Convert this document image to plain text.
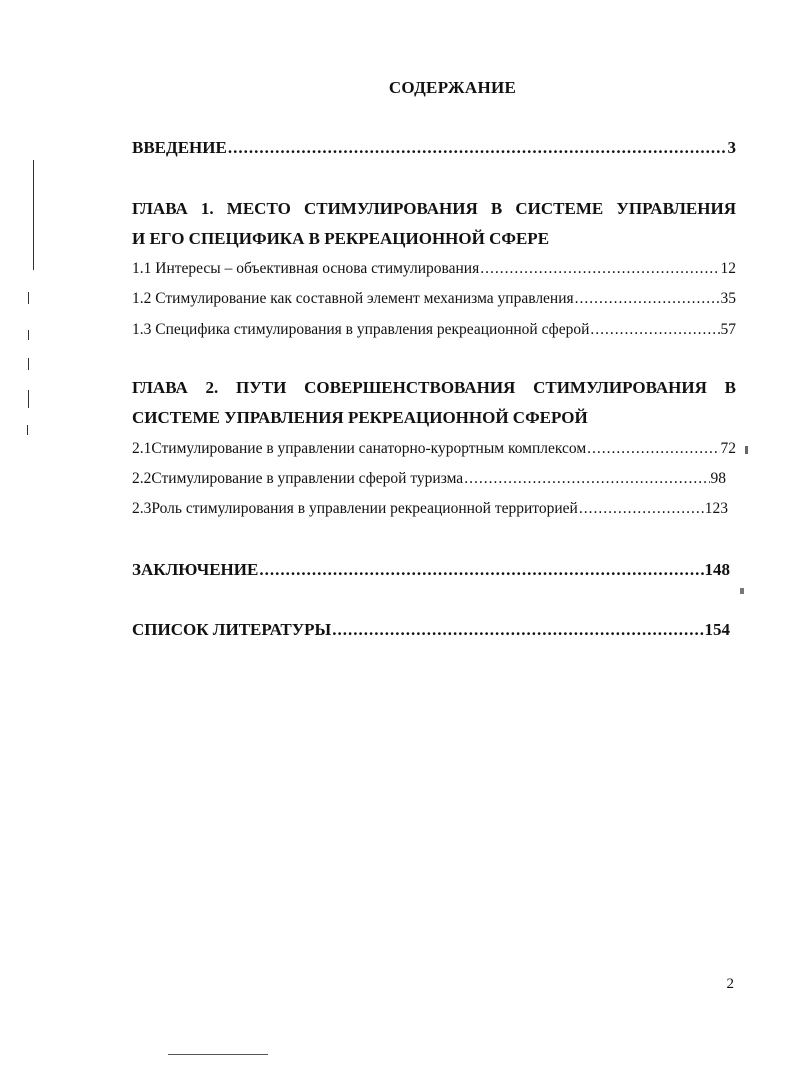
СОДЕРЖАНИЕ
ВВЕДЕНИЕ .....	3
ГЛАВА 1. МЕСТО СТИМУЛИРОВАНИЯ В СИСТЕМЕ УПРАВЛЕНИЯ
И ЕГО СПЕЦИФИКА В РЕКРЕАЦИОННОЙ СФЕРЕ
1.1 Интересы – объективная основа стимулирования .....	12
1.2 Стимулирование как составной элемент механизма управления .....	35
1.3 Специфика стимулирования в управления рекреационной сферой .....	57
ГЛАВА 2. ПУТИ СОВЕРШЕНСТВОВАНИЯ СТИМУЛИРОВАНИЯ В
СИСТЕМЕ УПРАВЛЕНИЯ РЕКРЕАЦИОННОЙ СФЕРОЙ
2.1Стимулирование в управлении санаторно-курортным комплексом .....	72
2.2Стимулирование в управлении сферой туризма .....	98
2.3Роль стимулирования в управлении рекреационной территорией .....	123
ЗАКЛЮЧЕНИЕ .....	148
СПИСОК ЛИТЕРАТУРЫ .....	154
2
